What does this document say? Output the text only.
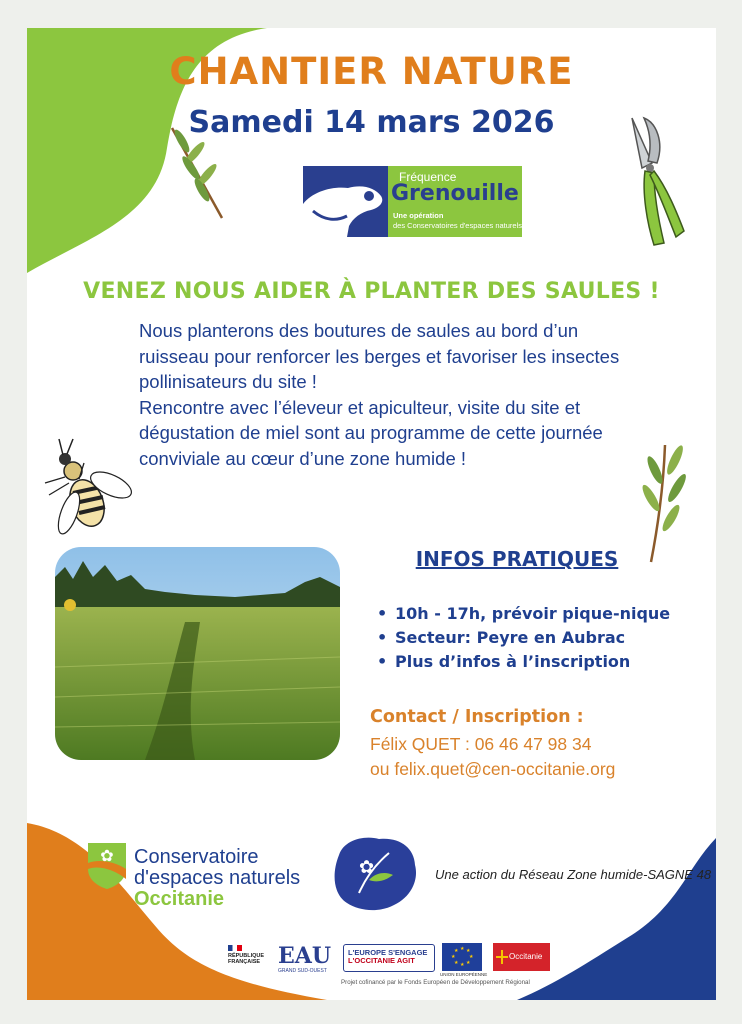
CHANTIER NATURE
Samedi 14 mars 2026
Fréquence
Grenouille
Une opération
des Conservatoires d'espaces naturels
VENEZ NOUS AIDER À PLANTER DES SAULES !

Nous planterons des boutures de saules au bord d’un

ruisseau pour renforcer les berges et favoriser les insectes

pollinisateurs du site !

Rencontre avec l’éleveur et apiculteur, visite du site et

dégustation de miel sont au programme de cette journée

conviviale au cœur d’une zone humide !

INFOS PRATIQUES
• 10h - 17h, prévoir pique-nique
• Secteur: Peyre en Aubrac
• Plus d’infos à l’inscription
Contact / Inscription :
Félix QUET : 06 46 47 98 34
ou felix.quet@cen-occitanie.org
✿ Conservatoire
d'espaces naturels
Occitanie
✿	Une action du Réseau Zone humide-SAGNE 48
RÉPUBLIQUE
FRANÇAISE EAU
GRAND SUD-OUEST
L'EUROPE S'ENGAGE
L'OCCITANIE AGIT
★ ★
★
★
★
★
★
★
UNION EUROPÉENNE
Occitanie
Projet cofinancé par le Fonds Européen de Développement Régional
